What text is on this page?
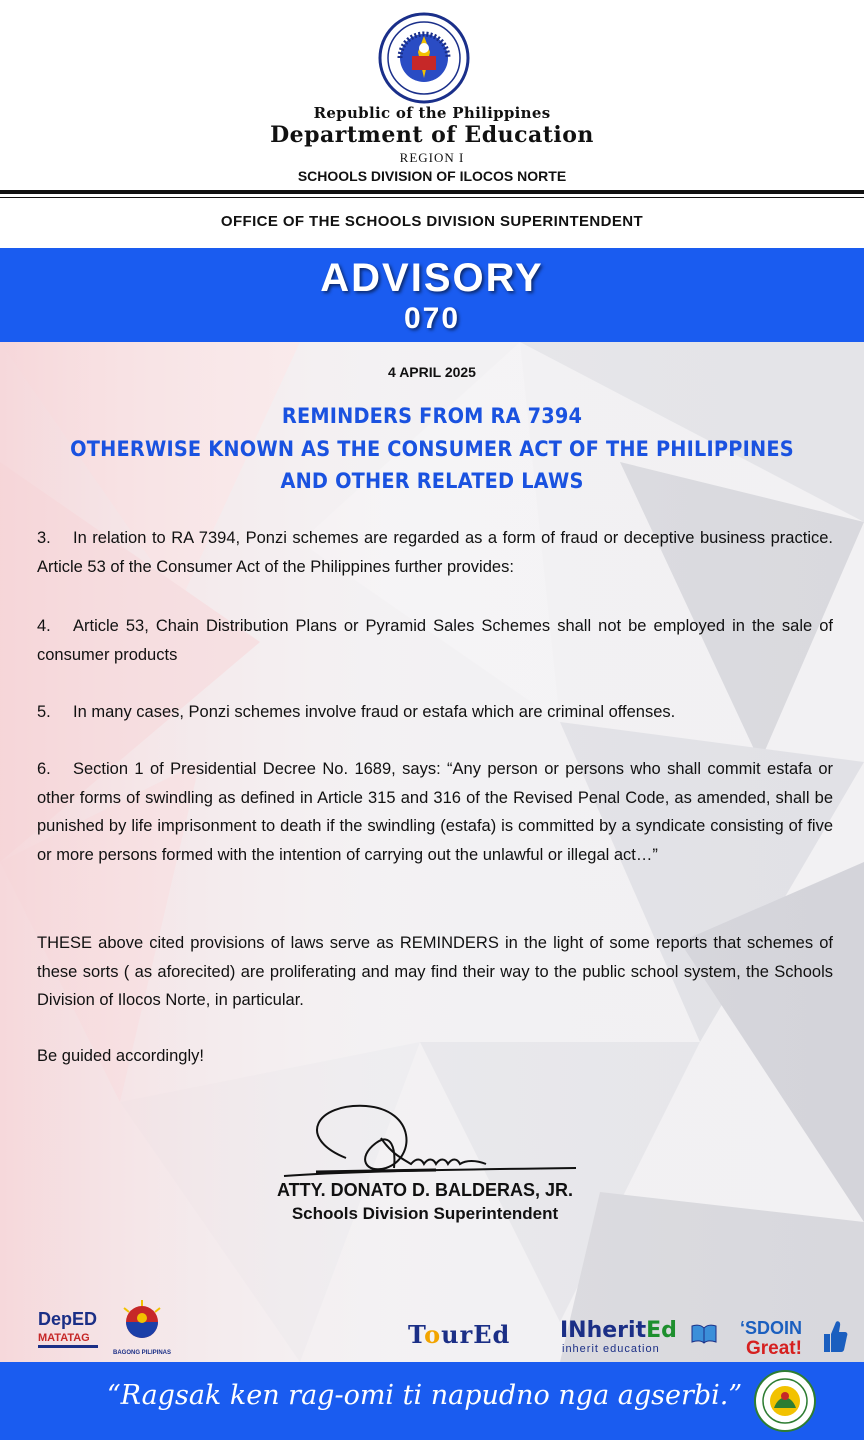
Republic of the Philippines
Department of Education
REGION I
SCHOOLS DIVISION OF ILOCOS NORTE
OFFICE OF THE SCHOOLS DIVISION SUPERINTENDENT
ADVISORY
070
4 APRIL 2025
REMINDERS FROM RA 7394
OTHERWISE KNOWN AS THE CONSUMER ACT OF THE PHILIPPINES
AND OTHER RELATED LAWS
3. In relation to RA 7394, Ponzi schemes are regarded as a form of fraud or deceptive business practice. Article 53 of the Consumer Act of the Philippines further provides:
4. Article 53, Chain Distribution Plans or Pyramid Sales Schemes shall not be employed in the sale of consumer products
5. In many cases, Ponzi schemes involve fraud or estafa which are criminal offenses.
6. Section 1 of Presidential Decree No. 1689, says: “Any person or persons who shall commit estafa or other forms of swindling as defined in Article 315 and 316 of the Revised Penal Code, as amended, shall be punished by life imprisonment to death if the swindling (estafa) is committed by a syndicate consisting of five or more persons formed with the intention of carrying out the unlawful or illegal act…”
THESE above cited provisions of laws serve as REMINDERS in the light of some reports that schemes of these sorts ( as aforecited) are proliferating and may find their way to the public school system, the Schools Division of Ilocos Norte, in particular.
Be guided accordingly!
ATTY. DONATO D. BALDERAS, JR.
Schools Division Superintendent
DepED
MATATAG
BAGONG PILIPINAS
TourEd INheritEd
inherit education
‘SDOIN
Great!
“Ragsak ken rag-omi ti napudno nga agserbi.”
